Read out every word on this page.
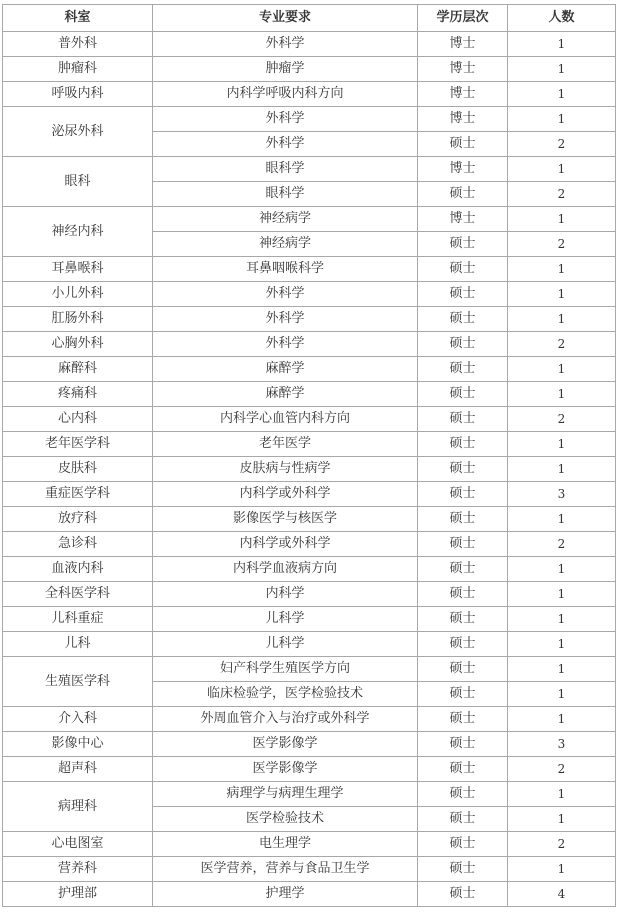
科室	专业要求	学历层次	人数
普外科	外科学	博士	1
肿瘤科	肿瘤学	博士	1
呼吸内科	内科学呼吸内科方向	博士	1
泌尿外科	外科学	博士	1
	外科学	硕士	2
眼科	眼科学	博士	1
	眼科学	硕士	2
神经内科	神经病学	博士	1
	神经病学	硕士	2
耳鼻喉科	耳鼻咽喉科学	硕士	1
小儿外科	外科学	硕士	1
肛肠外科	外科学	硕士	1
心胸外科	外科学	硕士	2
麻醉科	麻醉学	硕士	1
疼痛科	麻醉学	硕士	1
心内科	内科学心血管内科方向	硕士	2
老年医学科	老年医学	硕士	1
皮肤科	皮肤病与性病学	硕士	1
重症医学科	内科学或外科学	硕士	3
放疗科	影像医学与核医学	硕士	1
急诊科	内科学或外科学	硕士	2
血液内科	内科学血液病方向	硕士	1
全科医学科	内科学	硕士	1
儿科重症	儿科学	硕士	1
儿科	儿科学	硕士	1
生殖医学科	妇产科学生殖医学方向	硕士	1
	临床检验学，医学检验技术	硕士	1
介入科	外周血管介入与治疗或外科学	硕士	1
影像中心	医学影像学	硕士	3
超声科	医学影像学	硕士	2
病理科	病理学与病理生理学	硕士	1
	医学检验技术	硕士	1
心电图室	电生理学	硕士	2
营养科	医学营养，营养与食品卫生学	硕士	1
护理部	护理学	硕士	4
